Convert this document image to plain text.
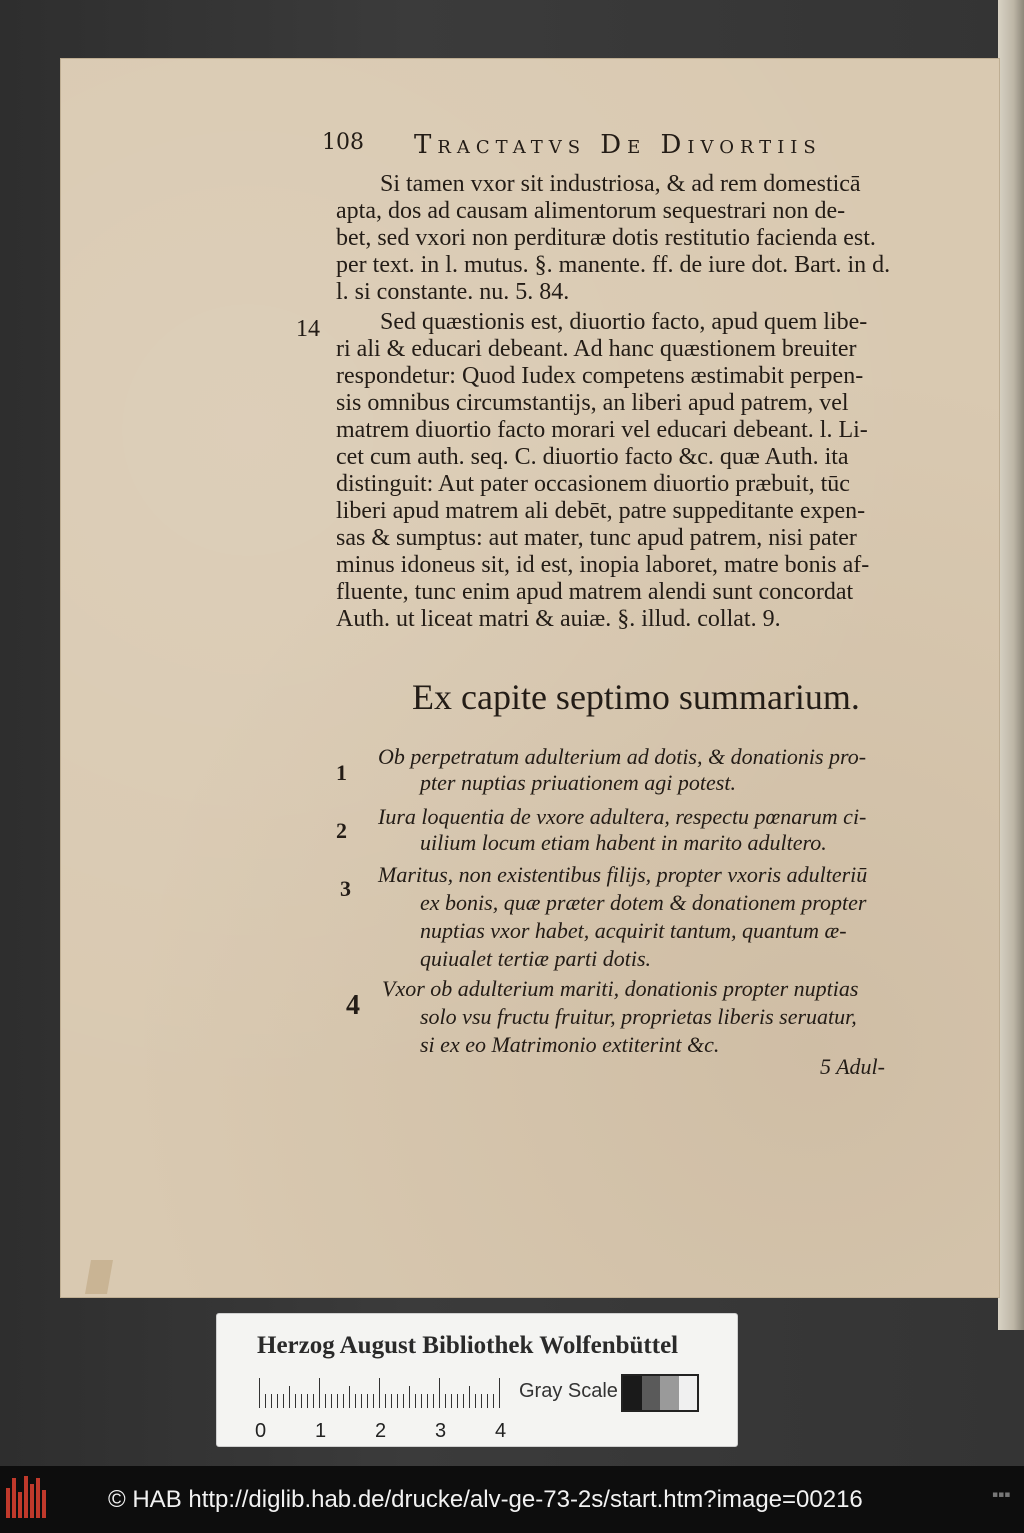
108 Tractatvs De Divortiis
Si tamen vxor sit industriosa, & ad rem domesticā
apta, dos ad causam alimentorum sequestrari non de-
bet, sed vxori non perdituræ dotis restitutio facienda est.
per text. in l. mutus. §. manente. ff. de iure dot. Bart. in d.
l. si constante. nu. 5. 84.
Sed quæstionis est, diuortio facto, apud quem libe-
ri ali & educari debeant. Ad hanc quæstionem breuiter
respondetur: Quod Iudex competens æstimabit perpen-
sis omnibus circumstantijs, an liberi apud patrem, vel
matrem diuortio facto morari vel educari debeant. l. Li-
cet cum auth. seq. C. diuortio facto &c. quæ Auth. ita
distinguit: Aut pater occasionem diuortio præbuit, tūc
liberi apud matrem ali debēt, patre suppeditante expen-
sas & sumptus: aut mater, tunc apud patrem, nisi pater
minus idoneus sit, id est, inopia laboret, matre bonis af-
fluente, tunc enim apud matrem alendi sunt concordat
Auth. ut liceat matri & auiæ. §. illud. collat. 9.
14
Ex capite septimo summarium.
1
Ob perpetratum adulterium ad dotis, & donationis pro-
pter nuptias priuationem agi potest.
2
Iura loquentia de vxore adultera, respectu pœnarum ci-
uilium locum etiam habent in marito adultero.
3
Maritus, non existentibus filijs, propter vxoris adulteriū
ex bonis, quæ præter dotem & donationem propter
nuptias vxor habet, acquirit tantum, quantum æ-
quiualet tertiæ parti dotis.
4
Vxor ob adulterium mariti, donationis propter nuptias
solo vsu fructu fruitur, proprietas liberis seruatur,
si ex eo Matrimonio extiterint &c.
5 Adul-
Herzog August Bibliothek Wolfenbüttel
0 1 2 3 4
Gray Scale
© HAB http://diglib.hab.de/drucke/alv-ge-73-2s/start.htm?image=00216	▪▪▪
